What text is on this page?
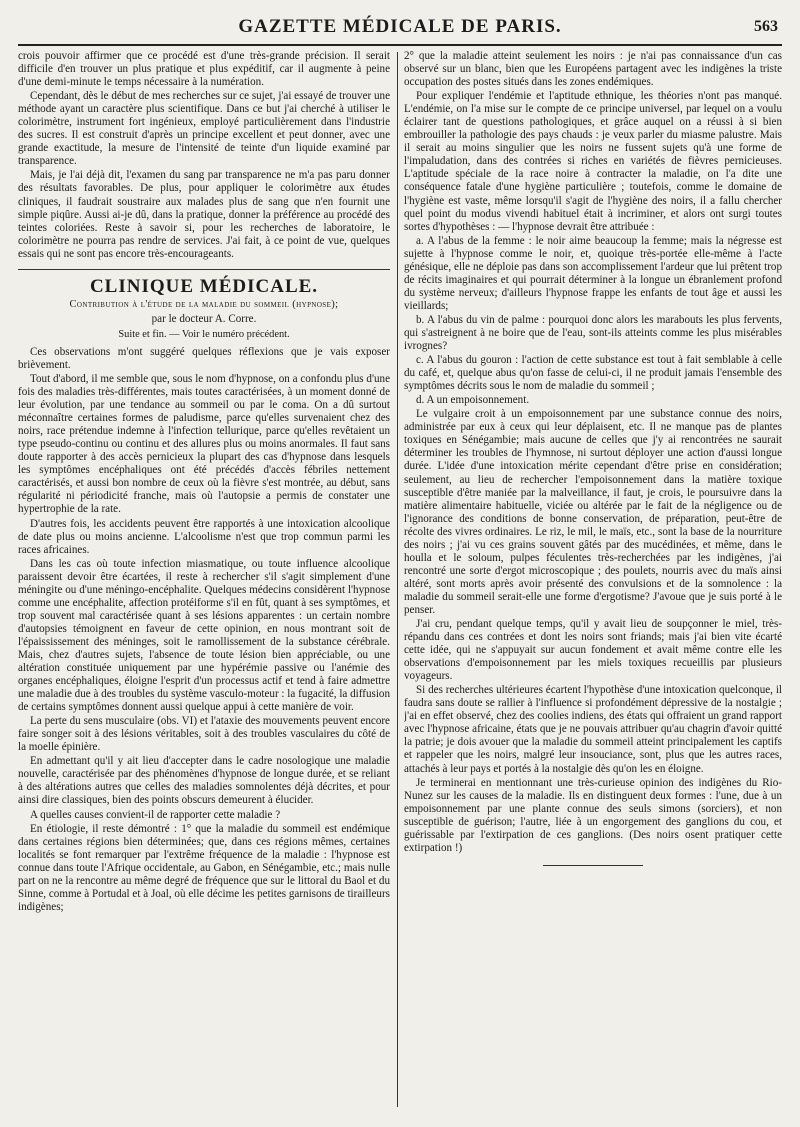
GAZETTE MÉDICALE DE PARIS.	563

crois pouvoir affirmer que ce procédé est d'une très-grande précision. Il serait difficile d'en trouver un plus pratique et plus expéditif, car il augmente à peine d'une demi-minute le temps nécessaire à la numération.

Cependant, dès le début de mes recherches sur ce sujet, j'ai essayé de trouver une méthode ayant un caractère plus scientifique. Dans ce but j'ai cherché à utiliser le colorimètre, instrument fort ingénieux, employé particulièrement dans l'industrie des sucres. Il est construit d'après un principe excellent et peut donner, avec une grande exactitude, la mesure de l'intensité de teinte d'un liquide examiné par transparence.

Mais, je l'ai déjà dit, l'examen du sang par transparence ne m'a pas paru donner des résultats favorables. De plus, pour appliquer le colorimètre aux études cliniques, il faudrait soustraire aux malades plus de sang que n'en fournit une simple piqûre. Aussi ai-je dû, dans la pratique, donner la préférence au procédé des teintes coloriées. Reste à savoir si, pour les recherches de laboratoire, le colorimètre ne pourra pas rendre de services. J'ai fait, à ce point de vue, quelques essais qui ne sont pas encore très-encourageants.

CLINIQUE MÉDICALE.
Contribution à l'étude de la maladie du sommeil (hypnose);
par le docteur A. Corre.
Suite et fin. — Voir le numéro précédent.

Ces observations m'ont suggéré quelques réflexions que je vais exposer brièvement.

Tout d'abord, il me semble que, sous le nom d'hypnose, on a confondu plus d'une fois des maladies très-différentes, mais toutes caractérisées, à un moment donné de leur évolution, par une tendance au sommeil ou par le coma. On a dû surtout méconnaître certaines formes de paludisme, parce qu'elles survenaient chez des noirs, race prétendue indemne à l'infection tellurique, parce qu'elles revêtaient un type pseudo-continu ou continu et des allures plus ou moins anormales. Il faut sans doute rapporter à des accès pernicieux la plupart des cas d'hypnose dans lesquels les symptômes encéphaliques ont été précédés d'accès fébriles nettement caractérisés, et aussi bon nombre de ceux où la fièvre s'est montrée, au début, sans régularité ni périodicité franche, mais où l'autopsie a permis de constater une hypertrophie de la rate.

D'autres fois, les accidents peuvent être rapportés à une intoxication alcoolique de date plus ou moins ancienne. L'alcoolisme n'est que trop commun parmi les races africaines.

Dans les cas où toute infection miasmatique, ou toute influence alcoolique paraissent devoir être écartées, il reste à rechercher s'il s'agit simplement d'une méningite ou d'une méningo-encéphalite. Quelques médecins considèrent l'hypnose comme une encéphalite, affection protéiforme s'il en fût, quant à ses symptômes, et trop souvent mal caractérisée quant à ses lésions apparentes : un certain nombre d'autopsies témoignent en faveur de cette opinion, en nous montrant soit de l'épaississement des méninges, soit le ramollissement de la substance cérébrale. Mais, chez d'autres sujets, l'absence de toute lésion bien appréciable, ou une altération constituée uniquement par une hypérémie passive ou l'anémie des organes encéphaliques, éloigne l'esprit d'un processus actif et tend à faire admettre une maladie due à des troubles du système vasculo-moteur : la fugacité, la diffusion de certains symptômes donnent aussi quelque appui à cette manière de voir.

La perte du sens musculaire (obs. VI) et l'ataxie des mouvements peuvent encore faire songer soit à des lésions véritables, soit à des troubles vasculaires du côté de la moelle épinière.

En admettant qu'il y ait lieu d'accepter dans le cadre nosologique une maladie nouvelle, caractérisée par des phénomènes d'hypnose de longue durée, et se reliant à des altérations autres que celles des maladies somnolentes déjà décrites, et pour ainsi dire classiques, bien des points obscurs demeurent à élucider.

A quelles causes convient-il de rapporter cette maladie ?

En étiologie, il reste démontré : 1° que la maladie du sommeil est endémique dans certaines régions bien déterminées; que, dans ces régions mêmes, certaines localités se font remarquer par l'extrême fréquence de la maladie : l'hypnose est connue dans toute l'Afrique occidentale, au Gabon, en Sénégambie, etc.; mais nulle part on ne la rencontre au même degré de fréquence que sur le littoral du Baol et du Sinne, comme à Portudal et à Joal, où elle décime les petites garnisons de tirailleurs indigènes;

2° que la maladie atteint seulement les noirs : je n'ai pas connaissance d'un cas observé sur un blanc, bien que les Européens partagent avec les indigènes la triste occupation des postes situés dans les zones endémiques.

Pour expliquer l'endémie et l'aptitude ethnique, les théories n'ont pas manqué. L'endémie, on l'a mise sur le compte de ce principe universel, par lequel on a voulu éclairer tant de questions pathologiques, et grâce auquel on a réussi à si bien embrouiller la pathologie des pays chauds : je veux parler du miasme palustre. Mais il serait au moins singulier que les noirs ne fussent sujets qu'à une forme de l'impaludation, dans des contrées si riches en variétés de fièvres pernicieuses. L'aptitude spéciale de la race noire à contracter la maladie, on l'a dite une conséquence fatale d'une hygiène particulière ; toutefois, comme le domaine de l'hygiène est vaste, même lorsqu'il s'agit de l'hygiène des noirs, il a fallu chercher quel point du modus vivendi habituel était à incriminer, et alors ont surgi toutes sortes d'hypothèses : — l'hypnose devrait être attribuée :

a. A l'abus de la femme : le noir aime beaucoup la femme; mais la négresse est sujette à l'hypnose comme le noir, et, quoique très-portée elle-même à l'acte génésique, elle ne déploie pas dans son accomplissement l'ardeur que lui prêtent trop de récits imaginaires et qui pourrait déterminer à la longue un ébranlement profond du système nerveux; d'ailleurs l'hypnose frappe les enfants de tout âge et aussi les vieillards;

b. A l'abus du vin de palme : pourquoi donc alors les marabouts les plus fervents, qui s'astreignent à ne boire que de l'eau, sont-ils atteints comme les plus misérables ivrognes?

c. A l'abus du gouron : l'action de cette substance est tout à fait semblable à celle du café, et, quelque abus qu'on fasse de celui-ci, il ne produit jamais l'ensemble des symptômes décrits sous le nom de maladie du sommeil ;

d. A un empoisonnement.

Le vulgaire croit à un empoisonnement par une substance connue des noirs, administrée par eux à ceux qui leur déplaisent, etc. Il ne manque pas de plantes toxiques en Sénégambie; mais aucune de celles que j'y ai rencontrées ne saurait déterminer les troubles de l'hymnose, ni surtout déployer une action d'aussi longue durée. L'idée d'une intoxication mérite cependant d'être prise en considération; seulement, au lieu de rechercher l'empoisonnement dans la matière toxique susceptible d'être maniée par la malveillance, il faut, je crois, le poursuivre dans la matière alimentaire habituelle, viciée ou altérée par le fait de la négligence ou de l'ignorance des conditions de bonne conservation, de préparation, peut-être de récolte des vivres ordinaires. Le riz, le mil, le maïs, etc., sont la base de la nourriture des noirs ; j'ai vu ces grains souvent gâtés par des mucédinées, et même, dans le houlla et le soloum, pulpes féculentes très-recherchées par les indigènes, j'ai rencontré une sorte d'ergot microscopique ; des poulets, nourris avec du maïs ainsi altéré, sont morts après avoir présenté des convulsions et de la somnolence : la maladie du sommeil serait-elle une forme d'ergotisme? J'avoue que je suis porté à le penser.

J'ai cru, pendant quelque temps, qu'il y avait lieu de soupçonner le miel, très-répandu dans ces contrées et dont les noirs sont friands; mais j'ai bien vite écarté cette idée, qui ne s'appuyait sur aucun fondement et avait même contre elle les observations d'empoisonnement par les miels toxiques recueillis par plusieurs voyageurs.

Si des recherches ultérieures écartent l'hypothèse d'une intoxication quelconque, il faudra sans doute se rallier à l'influence si profondément dépressive de la nostalgie ; j'ai en effet observé, chez des coolies indiens, des états qui offraient un grand rapport avec l'hypnose africaine, états que je ne pouvais attribuer qu'au chagrin d'avoir quitté la patrie; je dois avouer que la maladie du sommeil atteint principalement les captifs et rappeler que les noirs, malgré leur insouciance, sont, plus que les autres races, attachés à leur pays et portés à la nostalgie dès qu'on les en éloigne.

Je terminerai en mentionnant une très-curieuse opinion des indigènes du Rio-Nunez sur les causes de la maladie. Ils en distinguent deux formes : l'une, due à un empoisonnement par une plante connue des seuls simons (sorciers), et non susceptible de guérison; l'autre, liée à un engorgement des ganglions du cou, et guérissable par l'extirpation de ces ganglions. (Des noirs osent pratiquer cette extirpation !)
